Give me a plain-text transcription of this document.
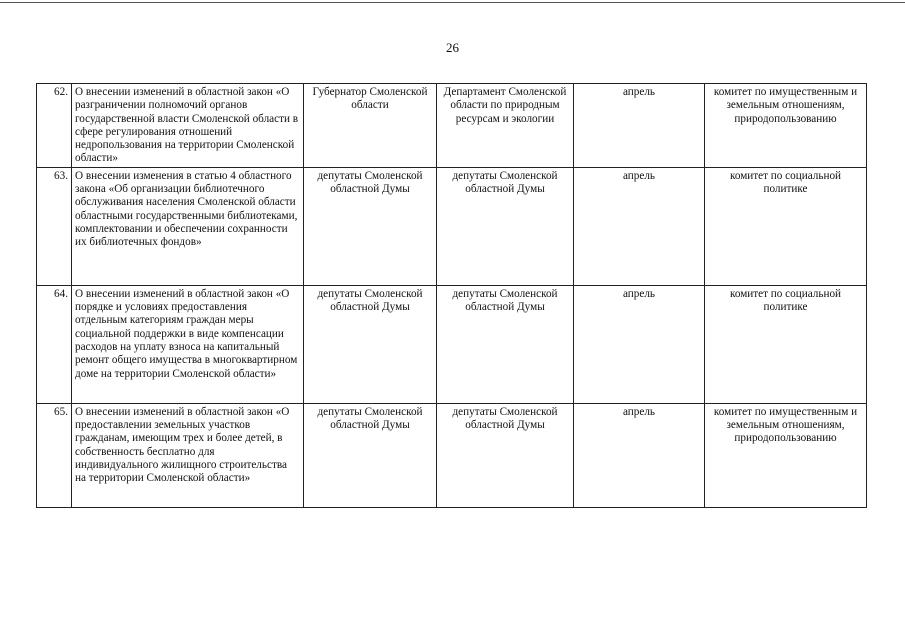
26
62.	О внесении изменений в областной закон «О разграничении полномочий органов государственной власти Смоленской области в сфере регулирования отношений недропользования на территории Смоленской области»	Губернатор Смоленской области	Департамент Смоленской области по природным ресурсам и экологии	апрель	комитет по имущественным и земельным отношениям, природопользованию
63.	О внесении изменения в статью 4 областного закона «Об организации библиотечного обслуживания населения Смоленской области областными государственными библиотеками, комплектовании и обеспечении сохранности их библиотечных фондов»	депутаты Смоленской областной Думы	депутаты Смоленской областной Думы	апрель	комитет по социальной политике
64.	О внесении изменений в областной закон «О порядке и условиях предоставления отдельным категориям граждан меры социальной поддержки в виде компенсации расходов на уплату взноса на капитальный ремонт общего имущества в многоквартирном доме на территории Смоленской области»	депутаты Смоленской областной Думы	депутаты Смоленской областной Думы	апрель	комитет по социальной политике
65.	О внесении изменений в областной закон «О предоставлении земельных участков гражданам, имеющим трех и более детей, в собственность бесплатно для индивидуального жилищного строительства на территории Смоленской области»	депутаты Смоленской областной Думы	депутаты Смоленской областной Думы	апрель	комитет по имущественным и земельным отношениям, природопользованию
